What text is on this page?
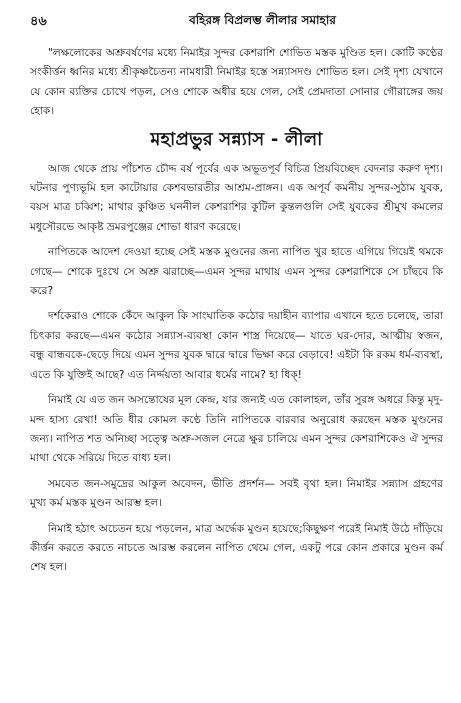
৪৬	বহিরঙ্গ বিপ্রলম্ভ লীলার সমাহার

"লক্ষলোকের অশ্রুবর্ষণের মধ্যে নিমাইর সুন্দর কেশরাশি শোভিত মস্তক মুণ্ডিত হল। কোটি কণ্ঠের সংকীর্ত্তন ধ্বনির মধ্যে শ্রীকৃষ্ণচৈতন্য নামধারী নিমাইর হস্তে সন্ন্যাসদণ্ড শোভিত হল। সেই দৃশ্য যেখানে যে কোন ব্যক্তির চোখে পড়ল, সেও শোকে অধীর হয়ে গেল, সেই প্রেমদাতা সোনার গৌরাঙ্গের জয় হোক।

মহাপ্রভুর সন্ন্যাস - লীলা

আজ থেকে প্রায় পাঁচশত চৌদ্দ বর্ষ পূর্বের এক অভূতপূর্ব বিচিত্র প্রিয়বিচ্ছেদ বেদনার করুণ দৃশ্য। ঘটনার পুণ্যভূমি হল কাটোয়ার কেশবভারতীর আশ্রম-প্রাঙ্গন। এক অপূর্ব কমনীয় সুন্দর-সুঠাম যুবক, বয়স মাত্র চব্বিশ; মাথার কুঞ্চিত ঘননীল কেশরাশির কুটিল কুন্তলগুলি সেই যুবকের শ্রীমুখ কমলের মধুসৌরভে আকৃষ্ট ভ্রমরপুঞ্জের শোভা ধারণ করেছে।

নাপিতকে আদেশ দেওয়া হচ্ছে সেই মস্তক মুণ্ডনের জন্য নাপিত খুর হাতে এগিয়ে গিয়েই থমকে গেছে— শোকে দুঃখে সে অশ্রু ঝরাচ্ছে—এমন সুন্দর মাথায় এমন সুন্দর কেশরাশিকে সে চাঁছবে কি করে?

দর্শকেরাও শোকে কেঁদে আকুল কি সাংঘাতিক কঠোর দয়াহীন ব্যাপার এখানে হতে চলেছে, তারা চিৎকার করছে—এমন কঠোর সন্ন্যাস-ব্যবস্থা কোন শাস্ত্র দিয়েছে— যাতে ঘর-দোর, আত্মীয় স্বজন, বন্ধু বান্ধবকে-ছেড়ে দিয়ে এমন সুন্দর যুবক দ্বারে দ্বারে ভিক্ষা করে বেড়াবে! এইটা কি রকম ধর্ম-ব্যবস্থা, এতে কি যুক্তিই আছে? এত নির্দ্দয়তা আবার ধর্মের নামে? হা ধিক্!

নিমাই যে এত জন অসন্তোষের মূল কেন্দ্র, যার জন্যই এত কোলাহল, তাঁর সুরঙ্গ অধরে কিন্তু মৃদু-মন্দ হাস্য রেখা! অতি ধীর কোমল কণ্ঠে তিনি নাপিতকে বারবার অনুরোধ করছেন মস্তক মুণ্ডনের জন্য। নাপিত শত অনিচ্ছা সত্ত্বে অশ্রু-সজল নেত্রে ক্ষুর চালিয়ে এমন সুন্দর কেশরাশিকেও ঐ সুন্দর মাথা থেকে সরিয়ে দিতে বাধ্য হল।

সমবেত জন-সমুদ্রের আকুল অবেদন, ভীতি প্রদর্শন— সবই বৃথা হল। নিমাইর সন্ন্যাস গ্রহণের মুখ্য কর্ম মস্তক মুণ্ডন আরম্ভ হল।

নিমাই হঠাৎ অচেতন হয়ে পড়লেন, মাত্র অর্দ্ধেক মুণ্ডন হয়েছে;কিছুক্ষণ পরেই নিমাই উঠে দাঁড়িয়ে কীর্ত্তন করতে করতে নাচতে আরম্ভ করলেন নাপিত থেমে গেল, একটু পরে কোন প্রকারে মুণ্ডন কর্ম শেষ হল।
